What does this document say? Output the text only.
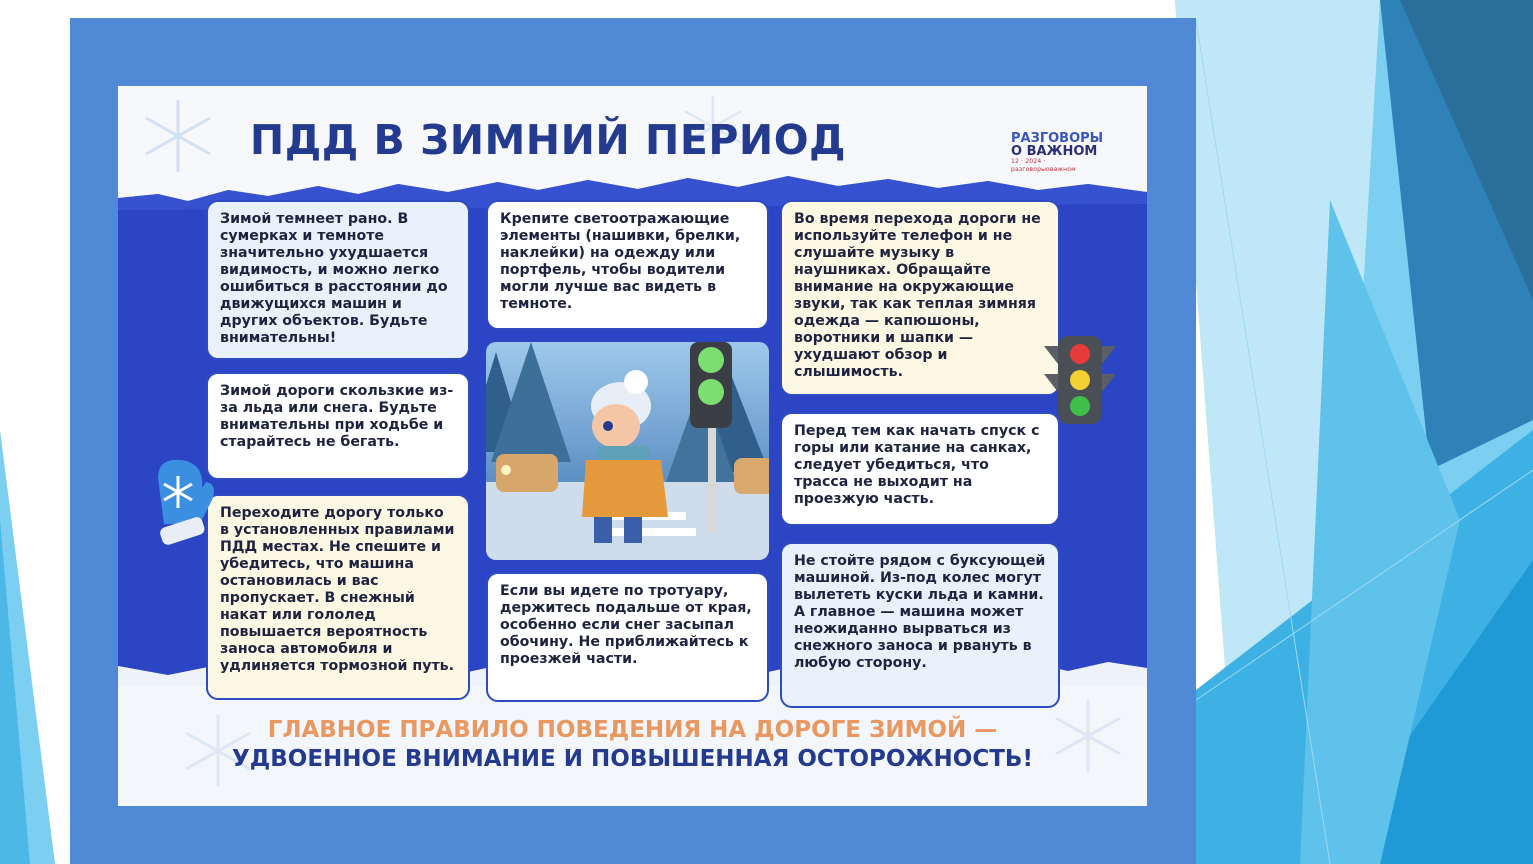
ПДД В ЗИМНИЙ ПЕРИОД	РАЗГОВОРЫ
О ВАЖНОМ
12 · 2024 · разговорыоважном
Зимой темнеет рано. В сумерках и темноте значительно ухудшается видимость, и можно легко ошибиться в расстоянии до движущихся машин и других объектов. Будьте внимательны!
Зимой дороги скользкие из-за льда или снега. Будьте внимательны при ходьбе и старайтесь не бегать.
Переходите дорогу только в установленных правилами ПДД местах. Не спешите и убедитесь, что машина остановилась и вас пропускает. В снежный накат или гололед повышается вероятность заноса автомобиля и удлиняется тормозной путь.
Крепите светоотражающие элементы (нашивки, брелки, наклейки) на одежду или портфель, чтобы водители могли лучше вас видеть в темноте.
Если вы идете по тротуару, держитесь подальше от края, особенно если снег засыпал обочину. Не приближайтесь к проезжей части.
Во время перехода дороги не используйте телефон и не слушайте музыку в наушниках. Обращайте внимание на окружающие звуки, так как теплая зимняя одежда — капюшоны, воротники и шапки — ухудшают обзор и слышимость.
Перед тем как начать спуск с горы или катание на санках, следует убедиться, что трасса не выходит на проезжую часть.
Не стойте рядом с буксующей машиной. Из-под колес могут вылететь куски льда и камни. А главное — машина может неожиданно вырваться из снежного заноса и рвануть в любую сторону.
ГЛАВНОЕ ПРАВИЛО ПОВЕДЕНИЯ НА ДОРОГЕ ЗИМОЙ —
УДВОЕННОЕ ВНИМАНИЕ И ПОВЫШЕННАЯ ОСТОРОЖНОСТЬ!
